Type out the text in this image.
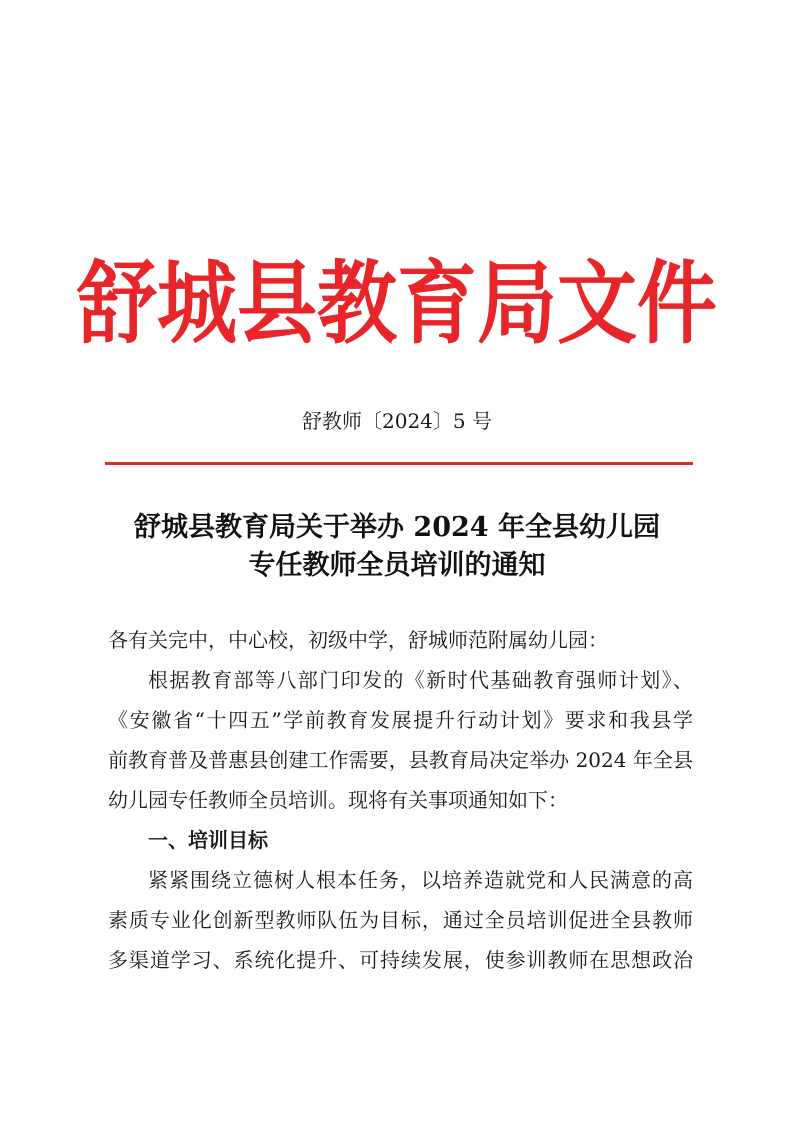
舒城县教育局文件
舒教师〔2024〕5 号
舒城县教育局关于举办 2024 年全县幼儿园
专任教师全员培训的通知
各有关完中，中心校，初级中学，舒城师范附属幼儿园：
根据教育部等八部门印发的《新时代基础教育强师计划》、
《安徽省“十四五”学前教育发展提升行动计划》要求和我县学
前教育普及普惠县创建工作需要，县教育局决定举办 2024 年全县
幼儿园专任教师全员培训。现将有关事项通知如下：
一、培训目标
紧紧围绕立德树人根本任务，以培养造就党和人民满意的高
素质专业化创新型教师队伍为目标，通过全员培训促进全县教师
多渠道学习、系统化提升、可持续发展，使参训教师在思想政治
